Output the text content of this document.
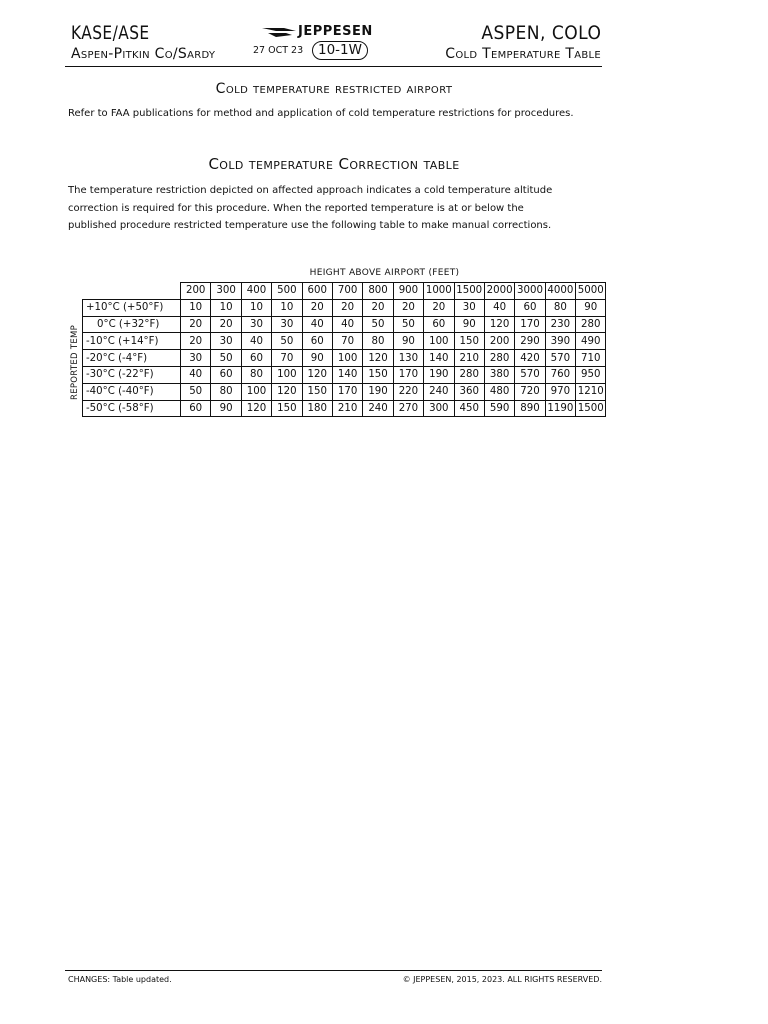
KASE/ASE
Aspen-Pitkin Co/Sardy
JEPPESEN
27 OCT 23	10-1W
ASPEN, COLO
Cold Temperature Table
Cold temperature restricted airport
Refer to FAA publications for method and application of cold temperature restrictions for procedures.
Cold temperature Correction table
The temperature restriction depicted on affected approach indicates a cold temperature altitude
correction is required for this procedure. When the reported temperature is at or below the
published procedure restricted temperature use the following table to make manual corrections.
HEIGHT ABOVE AIRPORT (FEET)
REPORTED TEMP
	200	300	400	500	600	700	800	900	1000	1500	2000	3000	4000	5000
+10°C (+50°F)	10	10	10	10	20	20	20	20	20	30	40	60	80	90
0°C (+32°F)	20	20	30	30	40	40	50	50	60	90	120	170	230	280
-10°C (+14°F)	20	30	40	50	60	70	80	90	100	150	200	290	390	490
-20°C (-4°F)	30	50	60	70	90	100	120	130	140	210	280	420	570	710
-30°C (-22°F)	40	60	80	100	120	140	150	170	190	280	380	570	760	950
-40°C (-40°F)	50	80	100	120	150	170	190	220	240	360	480	720	970	1210
-50°C (-58°F)	60	90	120	150	180	210	240	270	300	450	590	890	1190	1500
CHANGES: Table updated.	© JEPPESEN, 2015, 2023. ALL RIGHTS RESERVED.
